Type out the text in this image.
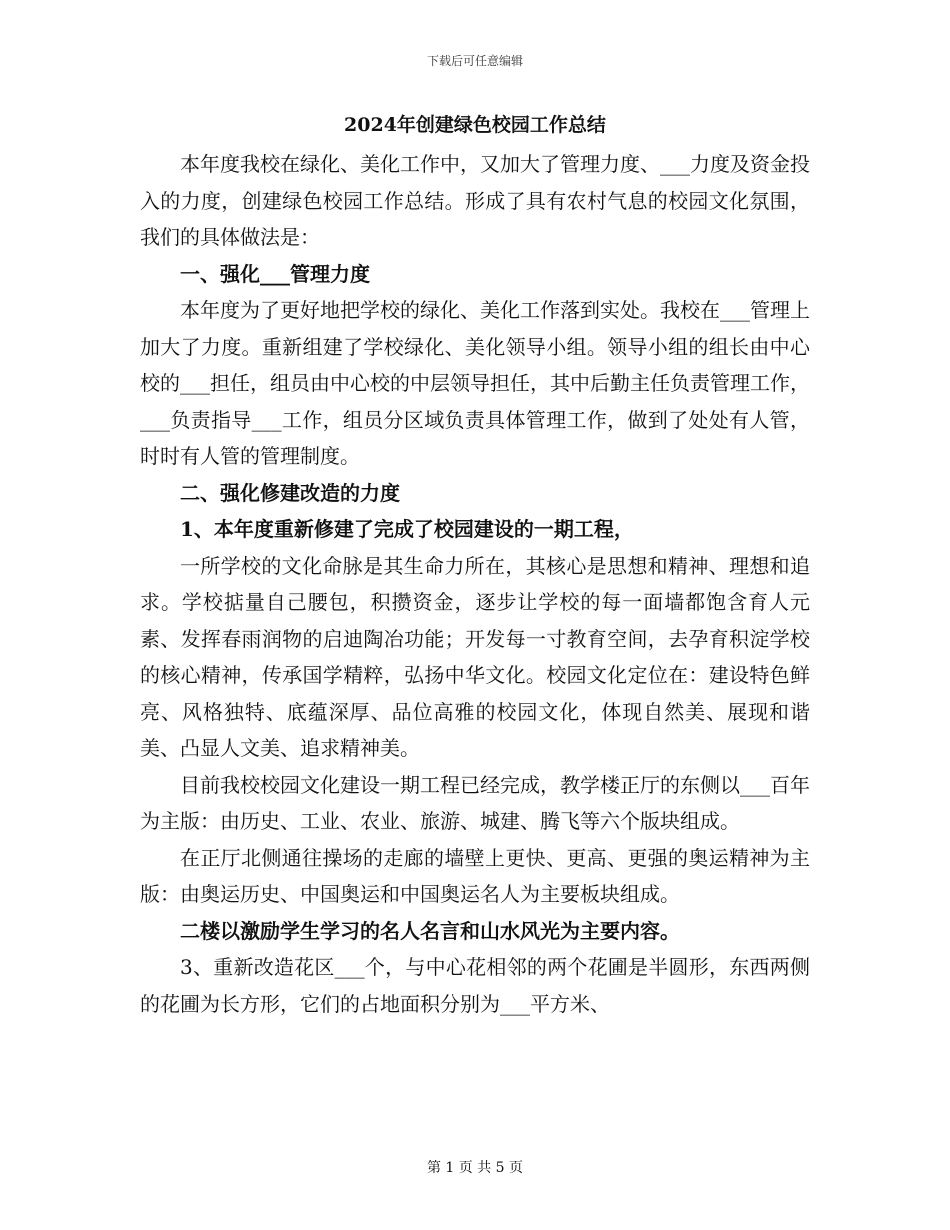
下载后可任意编辑
2024年创建绿色校园工作总结

本年度我校在绿化、美化工作中，又加大了管理力度、___力度及资金投入的力度，创建绿色校园工作总结。形成了具有农村气息的校园文化氛围，我们的具体做法是：

一、强化___管理力度

本年度为了更好地把学校的绿化、美化工作落到实处。我校在___管理上加大了力度。重新组建了学校绿化、美化领导小组。领导小组的组长由中心校的___担任，组员由中心校的中层领导担任，其中后勤主任负责管理工作，___负责指导___工作，组员分区域负责具体管理工作，做到了处处有人管，时时有人管的管理制度。

二、强化修建改造的力度

1、本年度重新修建了完成了校园建设的一期工程，

一所学校的文化命脉是其生命力所在，其核心是思想和精神、理想和追求。学校掂量自己腰包，积攒资金，逐步让学校的每一面墙都饱含育人元素、发挥春雨润物的启迪陶冶功能；开发每一寸教育空间，去孕育积淀学校的核心精神，传承国学精粹，弘扬中华文化。校园文化定位在：建设特色鲜亮、风格独特、底蕴深厚、品位高雅的校园文化，体现自然美、展现和谐美、凸显人文美、追求精神美。

目前我校校园文化建设一期工程已经完成，教学楼正厅的东侧以___百年为主版：由历史、工业、农业、旅游、城建、腾飞等六个版块组成。

在正厅北侧通往操场的走廊的墙壁上更快、更高、更强的奥运精神为主版：由奥运历史、中国奥运和中国奥运名人为主要板块组成。

二楼以激励学生学习的名人名言和山水风光为主要内容。

3、重新改造花区___个，与中心花相邻的两个花圃是半圆形，东西两侧的花圃为长方形，它们的占地面积分别为___平方米、

第 1 页 共 5 页
